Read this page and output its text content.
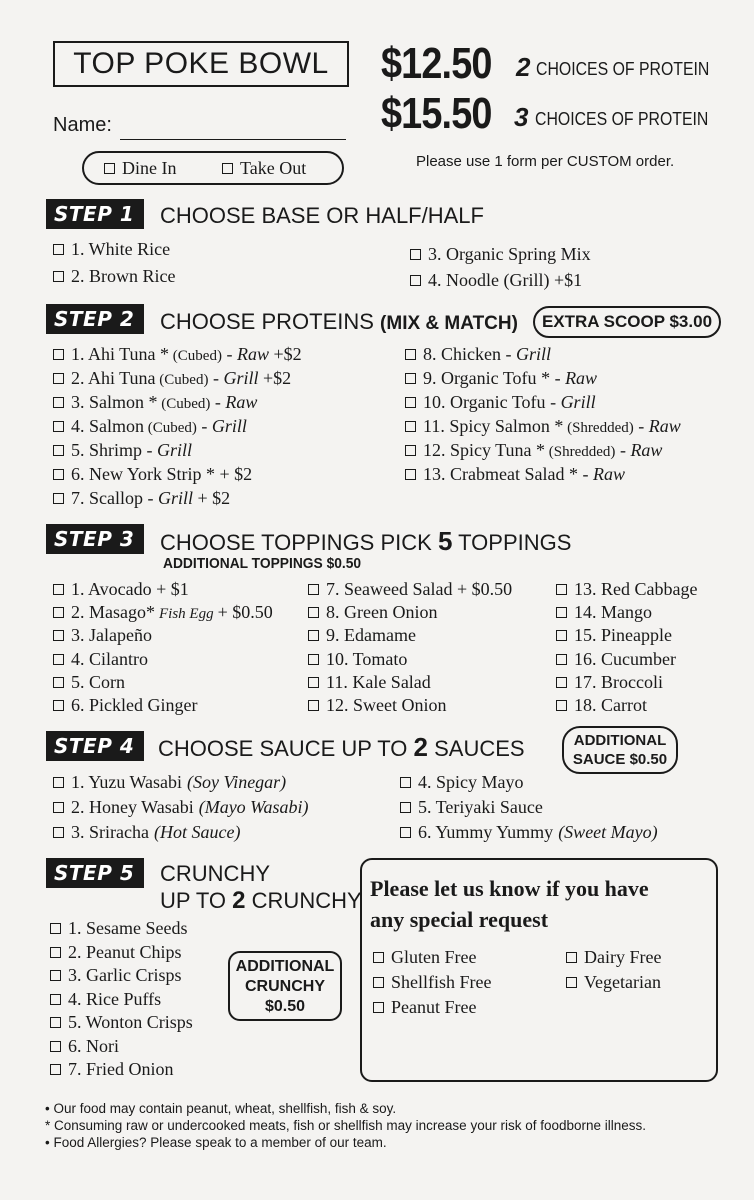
TOP POKE BOWL	$12.50 2 CHOICES OF PROTEIN
$15.50 3 CHOICES OF PROTEIN
Name:
Dine In	Take Out	Please use 1 form per CUSTOM order.
STEP 1	CHOOSE BASE OR HALF/HALF
1. White Rice
2. Brown Rice
3. Organic Spring Mix
4. Noodle (Grill) +$1
STEP 2	CHOOSE PROTEINS (MIX & MATCH)	EXTRA SCOOP $3.00
1. Ahi Tuna * (Cubed) - Raw +$2
2. Ahi Tuna (Cubed) - Grill +$2
3. Salmon * (Cubed) - Raw
4. Salmon (Cubed) - Grill
5. Shrimp - Grill
6. New York Strip * + $2
7. Scallop - Grill + $2
8. Chicken - Grill
9. Organic Tofu * - Raw
10. Organic Tofu - Grill
11. Spicy Salmon * (Shredded) - Raw
12. Spicy Tuna * (Shredded) - Raw
13. Crabmeat Salad * - Raw
STEP 3	CHOOSE TOPPINGS PICK 5 TOPPINGS
ADDITIONAL TOPPINGS $0.50
1. Avocado + $1
2. Masago* Fish Egg + $0.50
3. Jalapeño
4. Cilantro
5. Corn
6. Pickled Ginger
7. Seaweed Salad + $0.50
8. Green Onion
9. Edamame
10. Tomato
11. Kale Salad
12. Sweet Onion
13. Red Cabbage
14. Mango
15. Pineapple
16. Cucumber
17. Broccoli
18. Carrot
STEP 4	CHOOSE SAUCE UP TO 2 SAUCES	ADDITIONAL
SAUCE $0.50
1. Yuzu Wasabi (Soy Vinegar)
2. Honey Wasabi (Mayo Wasabi)
3. Sriracha (Hot Sauce)
4. Spicy Mayo
5. Teriyaki Sauce
6. Yummy Yummy (Sweet Mayo)
STEP 5	CRUNCHY
UP TO 2 CRUNCHY
ADDITIONAL
CRUNCHY
$0.50
1. Sesame Seeds
2. Peanut Chips
3. Garlic Crisps
4. Rice Puffs
5. Wonton Crisps
6. Nori
7. Fried Onion
Please let us know if you have
any special request
Gluten Free
Shellfish Free
Peanut Free
Dairy Free
Vegetarian
• Our food may contain peanut, wheat, shellfish, fish & soy.
* Consuming raw or undercooked meats, fish or shellfish may increase your risk of foodborne illness.
• Food Allergies? Please speak to a member of our team.
